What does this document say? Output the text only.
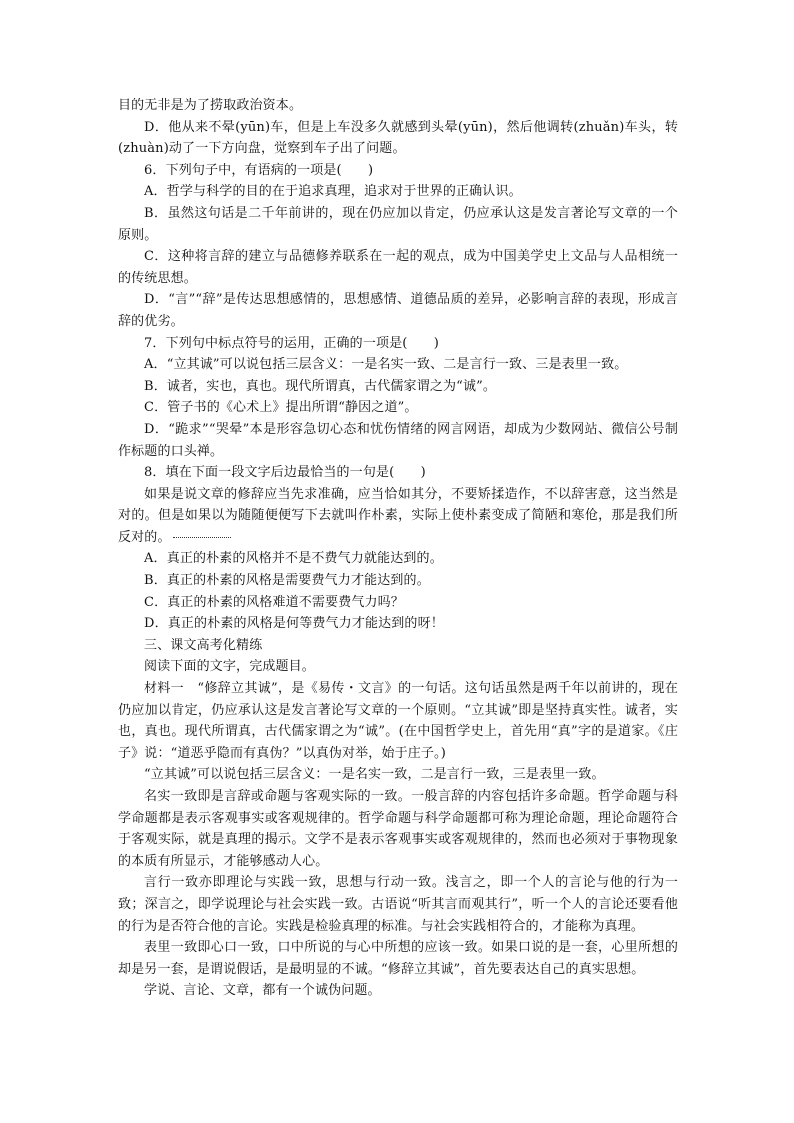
目的无非是为了捞取政治资本。

D．他从来不晕(yūn)车，但是上车没多久就感到头晕(yūn)，然后他调转(zhuǎn)车头，转(zhuàn)动了一下方向盘，觉察到车子出了问题。

6．下列句子中，有语病的一项是(　　)

A．哲学与科学的目的在于追求真理，追求对于世界的正确认识。

B．虽然这句话是二千年前讲的，现在仍应加以肯定，仍应承认这是发言著论写文章的一个原则。

C．这种将言辞的建立与品德修养联系在一起的观点，成为中国美学史上文品与人品相统一的传统思想。

D．“言”“辞”是传达思想感情的，思想感情、道德品质的差异，必影响言辞的表现，形成言辞的优劣。

7．下列句中标点符号的运用，正确的一项是(　　)

A．“立其诚”可以说包括三层含义：一是名实一致、二是言行一致、三是表里一致。

B．诚者，实也，真也。现代所谓真，古代儒家谓之为“诚”。

C．管子书的《心术上》提出所谓“静因之道”。

D．“跪求”“哭晕”本是形容急切心态和忧伤情绪的网言网语，却成为少数网站、微信公号制作标题的口头禅。

8．填在下面一段文字后边最恰当的一句是(　　)

如果是说文章的修辞应当先求准确，应当恰如其分，不要矫揉造作，不以辞害意，这当然是对的。但是如果以为随随便便写下去就叫作朴素，实际上使朴素变成了简陋和寒伧，那是我们所反对的。

A．真正的朴素的风格并不是不费气力就能达到的。

B．真正的朴素的风格是需要费气力才能达到的。

C．真正的朴素的风格难道不需要费气力吗？

D．真正的朴素的风格是何等费气力才能达到的呀！

三、课文高考化精练

阅读下面的文字，完成题目。

材料一　“修辞立其诚”，是《易传・文言》的一句话。这句话虽然是两千年以前讲的，现在仍应加以肯定，仍应承认这是发言著论写文章的一个原则。“立其诚”即是坚持真实性。诚者，实也，真也。现代所谓真，古代儒家谓之为“诚”。(在中国哲学史上，首先用“真”字的是道家。《庄子》说：“道恶乎隐而有真伪？”以真伪对举，始于庄子。)

“立其诚”可以说包括三层含义：一是名实一致，二是言行一致，三是表里一致。

名实一致即是言辞或命题与客观实际的一致。一般言辞的内容包括许多命题。哲学命题与科学命题都是表示客观事实或客观规律的。哲学命题与科学命题都可称为理论命题，理论命题符合于客观实际，就是真理的揭示。文学不是表示客观事实或客观规律的，然而也必须对于事物现象的本质有所显示，才能够感动人心。

言行一致亦即理论与实践一致，思想与行动一致。浅言之，即一个人的言论与他的行为一致；深言之，即学说理论与社会实践一致。古语说“听其言而观其行”，听一个人的言论还要看他的行为是否符合他的言论。实践是检验真理的标准。与社会实践相符合的，才能称为真理。

表里一致即心口一致，口中所说的与心中所想的应该一致。如果口说的是一套，心里所想的却是另一套，是谓说假话，是最明显的不诚。“修辞立其诚”，首先要表达自己的真实思想。

学说、言论、文章，都有一个诚伪问题。
